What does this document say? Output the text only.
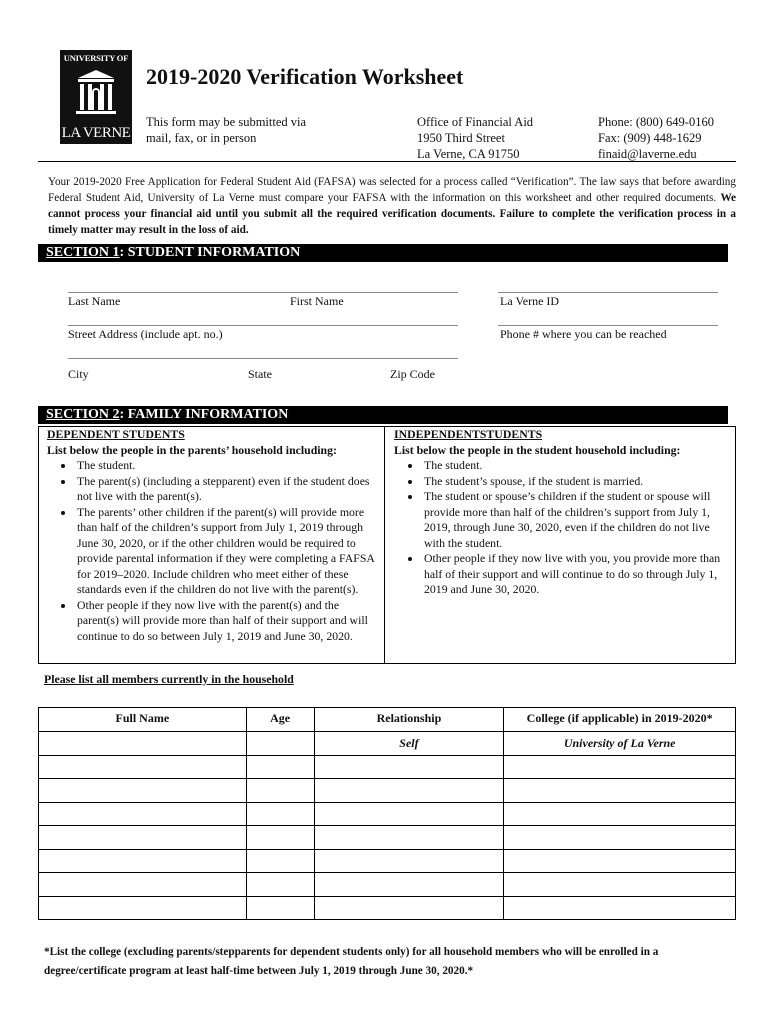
UNIVERSITY OF
LA VERNE
2019-2020 Verification Worksheet
This form may be submitted via
mail, fax, or in person
Office of Financial Aid
1950 Third Street
La Verne, CA 91750
Phone: (800) 649-0160
Fax: (909) 448-1629
finaid@laverne.edu
Your 2019-2020 Free Application for Federal Student Aid (FAFSA) was selected for a process called “Verification”. The law says that before awarding Federal Student Aid, University of La Verne must compare your FAFSA with the information on this worksheet and other required documents. We cannot process your financial aid until you submit all the required verification documents. Failure to complete the verification process in a timely matter may result in the loss of aid.
SECTION 1: STUDENT INFORMATION
Last Name	First Name	La Verne ID
Street Address (include apt. no.)	Phone # where you can be reached
City	State	Zip Code
SECTION 2: FAMILY INFORMATION
DEPENDENT STUDENTS
List below the people in the parents’ household including:
• The student.
• The parent(s) (including a stepparent) even if the student does not live with the parent(s).
• The parents’ other children if the parent(s) will provide more than half of the children’s support from July 1, 2019 through June 30, 2020, or if the other children would be required to provide parental information if they were completing a FAFSA for 2019–2020. Include children who meet either of these standards even if the children do not live with the parent(s).
• Other people if they now live with the parent(s) and the parent(s) will provide more than half of their support and will continue to do so between July 1, 2019 and June 30, 2020.
INDEPENDENTSTUDENTS
List below the people in the student household including:
• The student.
• The student’s spouse, if the student is married.
• The student or spouse’s children if the student or spouse will provide more than half of the children’s support from July 1, 2019, through June 30, 2020, even if the children do not live with the student.
• Other people if they now live with you, you provide more than half of their support and will continue to do so through July 1, 2019 and June 30, 2020.
Please list all members currently in the household
Full Name	Age	Relationship	College (if applicable) in 2019-2020*
		Self	University of La Verne

*List the college (excluding parents/stepparents for dependent students only) for all household members who will be enrolled in a degree/certificate program at least half-time between July 1, 2019 through June 30, 2020.*
